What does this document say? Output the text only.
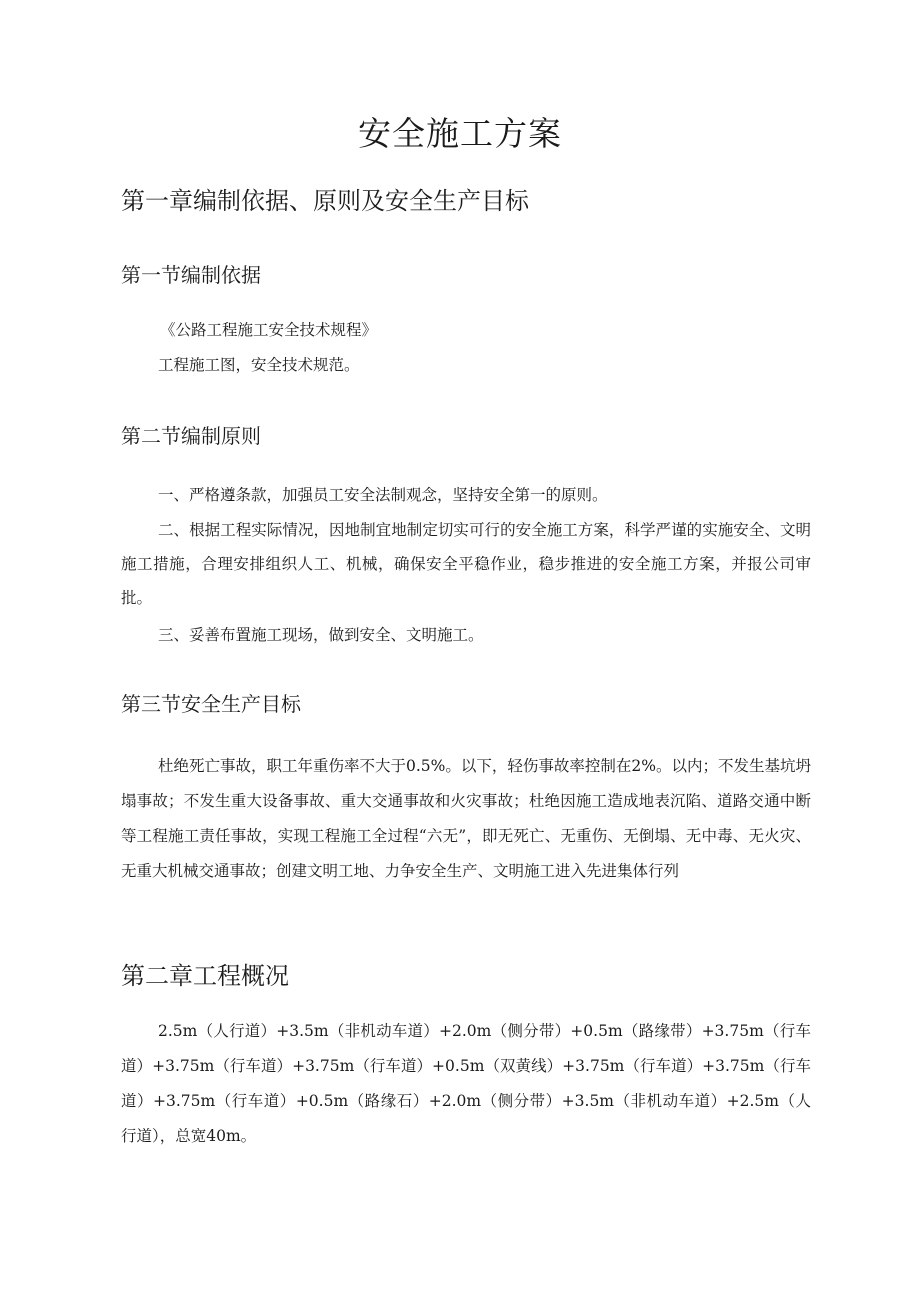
安全施工方案
第一章编制依据、原则及安全生产目标
第一节编制依据
《公路工程施工安全技术规程》
工程施工图，安全技术规范。
第二节编制原则
一、严格遵条款，加强员工安全法制观念，坚持安全第一的原则。
二、根据工程实际情况，因地制宜地制定切实可行的安全施工方案，科学严谨的实施安全、文明施工措施，合理安排组织人工、机械，确保安全平稳作业，稳步推进的安全施工方案，并报公司审批。
三、妥善布置施工现场，做到安全、文明施工。
第三节安全生产目标
杜绝死亡事故，职工年重伤率不大于0.5%。以下，轻伤事故率控制在2%。以内；不发生基坑坍塌事故；不发生重大设备事故、重大交通事故和火灾事故；杜绝因施工造成地表沉陷、道路交通中断等工程施工责任事故，实现工程施工全过程“六无”，即无死亡、无重伤、无倒塌、无中毒、无火灾、无重大机械交通事故；创建文明工地、力争安全生产、文明施工进入先进集体行列
第二章工程概况
2.5m（人行道）+3.5m（非机动车道）+2.0m（侧分带）+0.5m（路缘带）+3.75m（行车道）+3.75m（行车道）+3.75m（行车道）+0.5m（双黄线）+3.75m（行车道）+3.75m（行车道）+3.75m（行车道）+0.5m（路缘石）+2.0m（侧分带）+3.5m（非机动车道）+2.5m（人行道），总宽40m。
